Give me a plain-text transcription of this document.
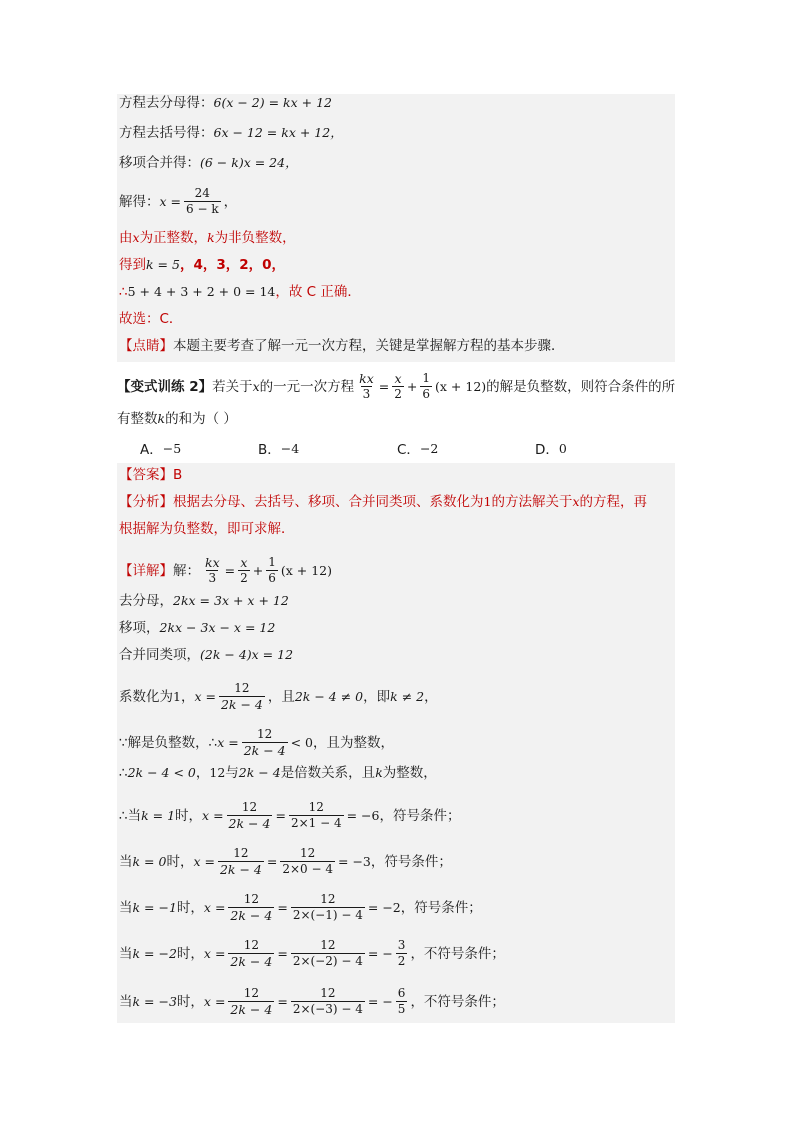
方程去分母得： 6(x − 2) = kx + 12
方程去括号得： 6x − 12 = kx + 12，
移项合并得： (6 − k)x = 24，
解得： $x = \frac{24}{6 - k}$ ，
由 x 为正整数， k 为非负整数，
得到 k = 5 ，4，3，2，0，
∴ 5 + 4 + 3 + 2 + 0 = 14 ，故 C 正确．
故选：C．
【点睛】 本题主要考查了解一元一次方程，关键是掌握解方程的基本步骤．
【变式训练 2】 若关于 x 的一元一次方程 $\frac{kx}{3} = \frac{x}{2} + \frac{1}{6} (x + 12)$ 的解是负整数，则符合条件的所
有整数 k 的和为（ ）
A． −5	B． −4	C． −2	D． 0
【答案】 B
【分析】 根据去分母、去括号、移项、合并同类项、系数化为 1 的方法解关于 x 的方程，再
根据解为负整数，即可求解．
【详解】 解： $\frac{kx}{3} = \frac{x}{2} + \frac{1}{6} (x + 12)$
去分母， 2kx = 3x + x + 12
移项， 2kx − 3x − x = 12
合并同类项， (2k − 4)x = 12
系数化为 1 ， $x = \frac{12}{2k - 4}$ ，且 2k − 4 ≠ 0 ，即 k ≠ 2 ，
∵解是负整数，∴ $x = \frac{12}{2k - 4} < 0$ ，且为整数，
∴ 2k − 4 < 0 ， 12 与 2k − 4 是倍数关系，且 k 为整数，
∴当 k = 1 时， $x = \frac{12}{2k - 4} = \frac{12}{2\times 1 - 4} = -6$ ，符号条件；
当 k = 0 时， $x = \frac{12}{2k - 4} = \frac{12}{2\times 0 - 4} = -3$ ，符号条件；
当 k = −1 时， $x = \frac{12}{2k - 4} = \frac{12}{2\times(-1) - 4} = -2$ ，符号条件；
当 k = −2 时， $x = \frac{12}{2k - 4} = \frac{12}{2\times(-2) - 4}$ = − $\frac{3}{2}$ ，不符号条件；
当 k = −3 时， $x = \frac{12}{2k - 4} = \frac{12}{2\times(-3) - 4}$ = − $\frac{6}{5}$ ，不符号条件；
